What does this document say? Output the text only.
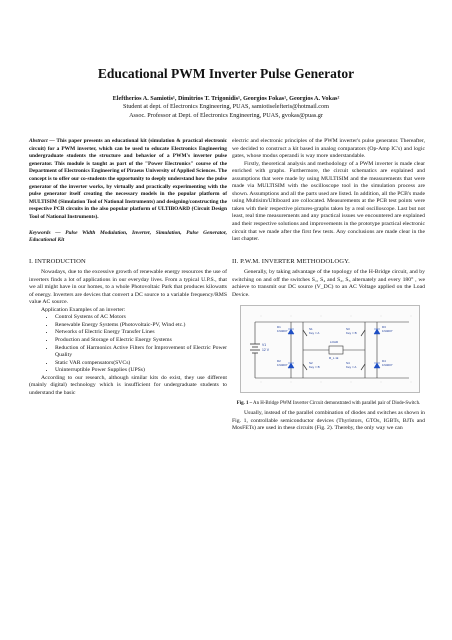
Educational PWM Inverter Pulse Generator
Eleftherios A. Samiotis¹, Dimitrios T. Trigonidis¹, Georgios Fokas¹, Georgios A. Vokas²
Student at dept. of Electronics Engineering, PUAS, samiotiselefteris@hotmail.com
Assoc. Professor at Dept. of Electronics Engineering, PUAS, gvokas@puas.gr

Abstract — This paper presents an educational kit (simulation & practical electronic circuit) for a PWM inverter, which can be used to educate Electronics Engineering undergraduate students the structure and behavior of a PWM's inverter pulse generator. This module is taught as part of the "Power Electronics" course of the Department of Electronics Engineering of Piraeus University of Applied Sciences. The concept is to offer our co-students the opportunity to deeply understand how the pulse generator of the inverter works, by virtually and practically experimenting with the pulse generator itself creating the necessary models in the popular platform of MULTISIM (Simulation Tool of National Instruments) and designing/constructing the respective PCB circuits in the also popular platform of ULTIBOARD (Circuit Design Tool of National Instruments).

Keywords — Pulse Width Modulation, Inverter, Simulation, Pulse Generator, Educational Kit

I. INTRODUCTION

Nowadays, due to the excessive growth of renewable energy resources the use of inverters finds a lot of applications in our everyday lives. From a typical U.P.S., that we all might have in our homes, to a whole Photovoltaic Park that produces kilowatts of energy. Inverters are devices that convert a DC source to a variable frequency/RMS value AC source.

Application Examples of an inverter:

• Control Systems of AC Motors
• Renewable Energy Systems (Photovoltaic-PV, Wind etc.)
• Networks of Electric Energy Transfer Lines
• Production and Storage of Electric Energy Systems
• Reduction of Harmonics Active Filters for Improvement of Electric Power Quality
• Static VAR compensators(SVCs)
• Uninterruptible Power Supplies (UPSs)

According to our research, although similar kits do exist, they use different (mainly digital) technology which is insufficient for undergraduate students to understand the basic

electric and electronic principles of the PWM inverter's pulse generator. Thereafter, we decided to construct a kit based in analog comparators (Op-Amp IC's) and logic gates, whose modus operandi is way more understandable.

Firstly, theoretical analysis and methodology of a PWM inverter is made clear enriched with graphs. Furthermore, the circuit schematics are explained and assumptions that were made by using MULTISIM and the measurements that were made via MULTISIM with the oscilloscope tool in the simulation process are shown. Assumptions and all the parts used are listed. In addition, all the PCB's made using Multisim/Ultiboard are collocated. Measurements at the PCB test points were taken with their respective pictures-graphs taken by a real oscilloscope. Last but not least, real time measurements and any practical issues we encountered are explained and their respective solutions and improvements in the prototype practical electronic circuit that we made after the first few tests. Any conclusions are made clear in the last chapter.

II. P.W.M. INVERTER METHODOLOGY.

Generally, by taking advantage of the topology of the H-Bridge circuit, and by switching on and off the switches S₁, S₄ and S₂, S₃ alternately and every 180° , we achieve to transmit our DC source (V_DC) to an AC Voltage applied on the Load Device.

V1
12 V
D1
1N4007
D2
1N4007
D3
1N4007
D4
1N4007
S1
Key = A
S2
Key = B
S3
Key = B
S4
Key = A
LOAD
R_L 1k

Fig. 1 – An H-Bridge PWM Inverter Circuit demonstrated with parallel pair of Diode-Switch.

Usually, instead of the parallel combination of diodes and switches as shown in Fig. 1, controllable semiconductor devices (Thyristors, GTOs, IGBTs, BJTs and MosFETs) are used in these circuits (Fig. 2). Thereby, the only way we can
